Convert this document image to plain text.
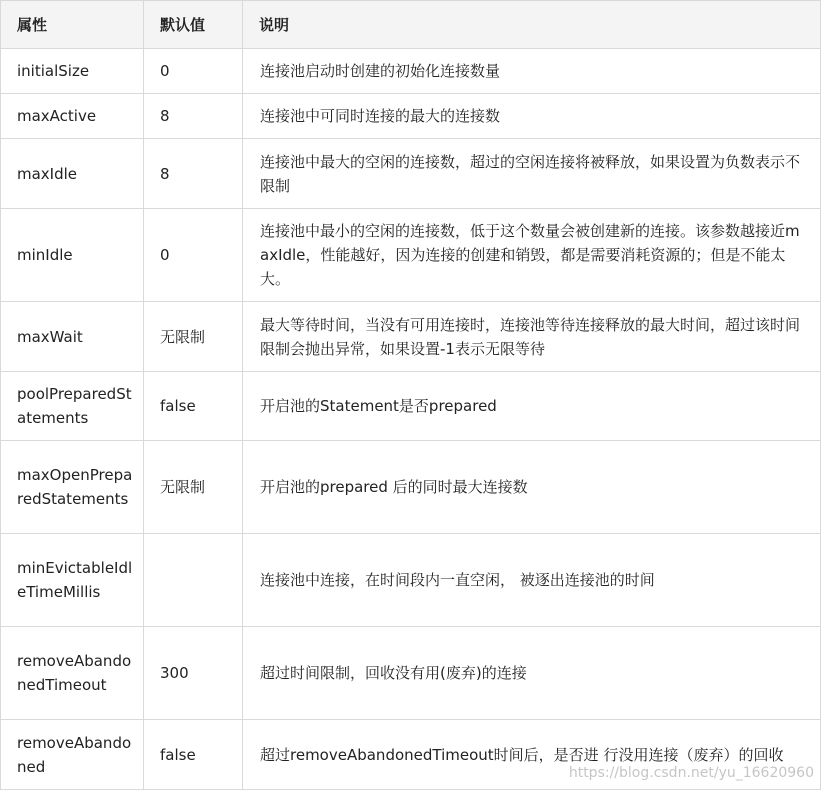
属性	默认值	说明
initialSize	0	连接池启动时创建的初始化连接数量
maxActive	8	连接池中可同时连接的最大的连接数
maxIdle	8	连接池中最大的空闲的连接数，超过的空闲连接将被释放，如果设置为负数表示不限制
minIdle	0	连接池中最小的空闲的连接数，低于这个数量会被创建新的连接。该参数越接近maxIdle，性能越好，因为连接的创建和销毁，都是需要消耗资源的；但是不能太大。
maxWait	无限制	最大等待时间，当没有可用连接时，连接池等待连接释放的最大时间，超过该时间限制会抛出异常，如果设置-1表示无限等待
poolPreparedStatements	false	开启池的Statement是否prepared
maxOpenPreparedStatements	无限制	开启池的prepared 后的同时最大连接数
minEvictableIdleTimeMillis		连接池中连接，在时间段内一直空闲， 被逐出连接池的时间
removeAbandonedTimeout	300	超过时间限制，回收没有用(废弃)的连接
removeAbandoned	false	超过removeAbandonedTimeout时间后，是否进 行没用连接（废弃）的回收
https://blog.csdn.net/yu_16620960
